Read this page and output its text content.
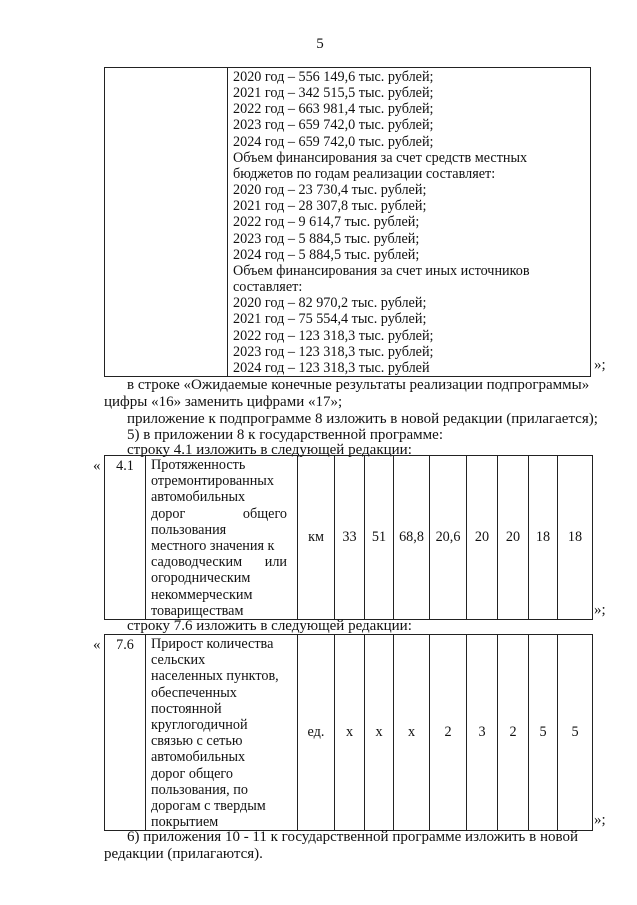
5

2020 год – 556 149,6 тыс. рублей;
2021 год – 342 515,5 тыс. рублей;
2022 год – 663 981,4 тыс. рублей;
2023 год – 659 742,0 тыс. рублей;
2024 год – 659 742,0 тыс. рублей;
Объем финансирования за счет средств местных
бюджетов по годам реализации составляет:
2020 год – 23 730,4 тыс. рублей;
2021 год – 28 307,8 тыс. рублей;
2022 год – 9 614,7 тыс. рублей;
2023 год – 5 884,5 тыс. рублей;
2024 год – 5 884,5 тыс. рублей;
Объем финансирования за счет иных источников
составляет:
2020 год – 82 970,2 тыс. рублей;
2021 год – 75 554,4 тыс. рублей;
2022 год – 123 318,3 тыс. рублей;
2023 год – 123 318,3 тыс. рублей;
2024 год – 123 318,3 тыс. рублей	»;
в строке «Ожидаемые конечные результаты реализации подпрограммы»
цифры «16» заменить цифрами «17»;
приложение к подпрограмме 8 изложить в новой редакции (прилагается);
5) в приложении 8 к государственной программе:
строку 4.1 изложить в следующей редакции:
« 4.1	Протяженность
отремонтированных
автомобильных
дорог	общего
пользования
местного значения к
садоводческим или
огородническим
некоммерческим
товариществам
	км	33	51	68,8	20,6	20	20	18	18
»;
строку 7.6 изложить в следующей редакции:
« 7.6	Прирост количества
сельских
населенных пунктов,
обеспеченных
постоянной
круглогодичной
связью с сетью
автомобильных
дорог общего
пользования, по
дорогам с твердым
покрытием
	ед.	х	х	х	2	3	2	5	5
»;
6) приложения 10 - 11 к государственной программе изложить в новой
редакции (прилагаются).
